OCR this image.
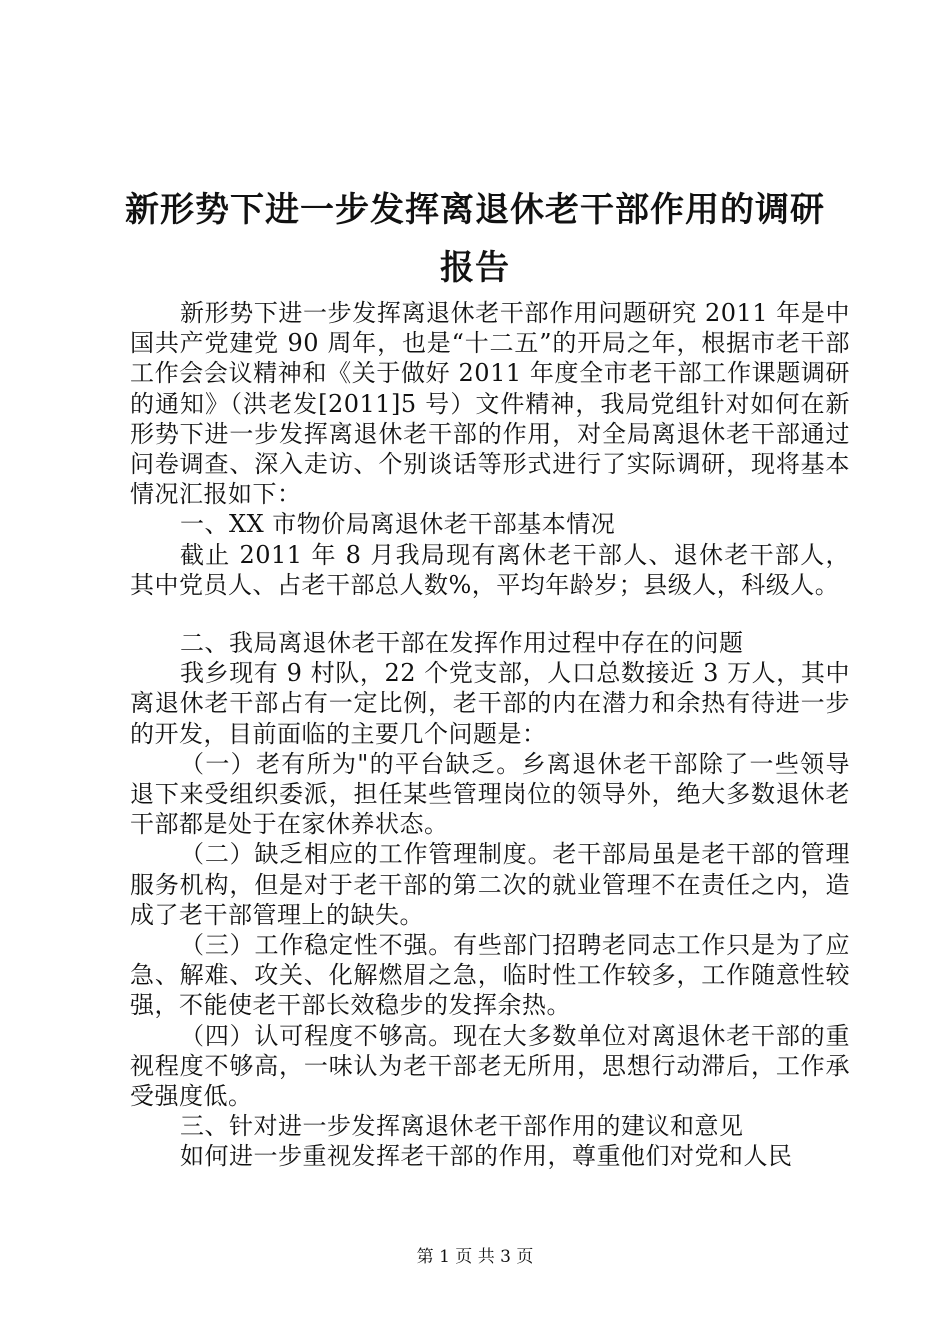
新形势下进一步发挥离退休老干部作用的调研
报告

新形势下进一步发挥离退休老干部作用问题研究 2011 年是中国共产党建党 90 周年，也是“十二五”的开局之年，根据市老干部工作会会议精神和《关于做好 2011 年度全市老干部工作课题调研的通知》（洪老发[2011]5 号）文件精神，我局党组针对如何在新形势下进一步发挥离退休老干部的作用，对全局离退休老干部通过问卷调查、深入走访、个别谈话等形式进行了实际调研，现将基本情况汇报如下：

一、XX 市物价局离退休老干部基本情况

截止 2011 年 8 月我局现有离休老干部人、退休老干部人，其中党员人、占老干部总人数%，平均年龄岁；县级人，科级人。

二、我局离退休老干部在发挥作用过程中存在的问题

我乡现有 9 村队，22 个党支部，人口总数接近 3 万人，其中离退休老干部占有一定比例，老干部的内在潜力和余热有待进一步的开发，目前面临的主要几个问题是：

（一）老有所为"的平台缺乏。乡离退休老干部除了一些领导退下来受组织委派，担任某些管理岗位的领导外，绝大多数退休老干部都是处于在家休养状态。

（二）缺乏相应的工作管理制度。老干部局虽是老干部的管理服务机构，但是对于老干部的第二次的就业管理不在责任之内，造成了老干部管理上的缺失。

（三）工作稳定性不强。有些部门招聘老同志工作只是为了应急、解难、攻关、化解燃眉之急，临时性工作较多，工作随意性较强，不能使老干部长效稳步的发挥余热。

（四）认可程度不够高。现在大多数单位对离退休老干部的重视程度不够高，一味认为老干部老无所用，思想行动滞后，工作承受强度低。

三、针对进一步发挥离退休老干部作用的建议和意见

如何进一步重视发挥老干部的作用，尊重他们对党和人民

第 1 页 共 3 页
